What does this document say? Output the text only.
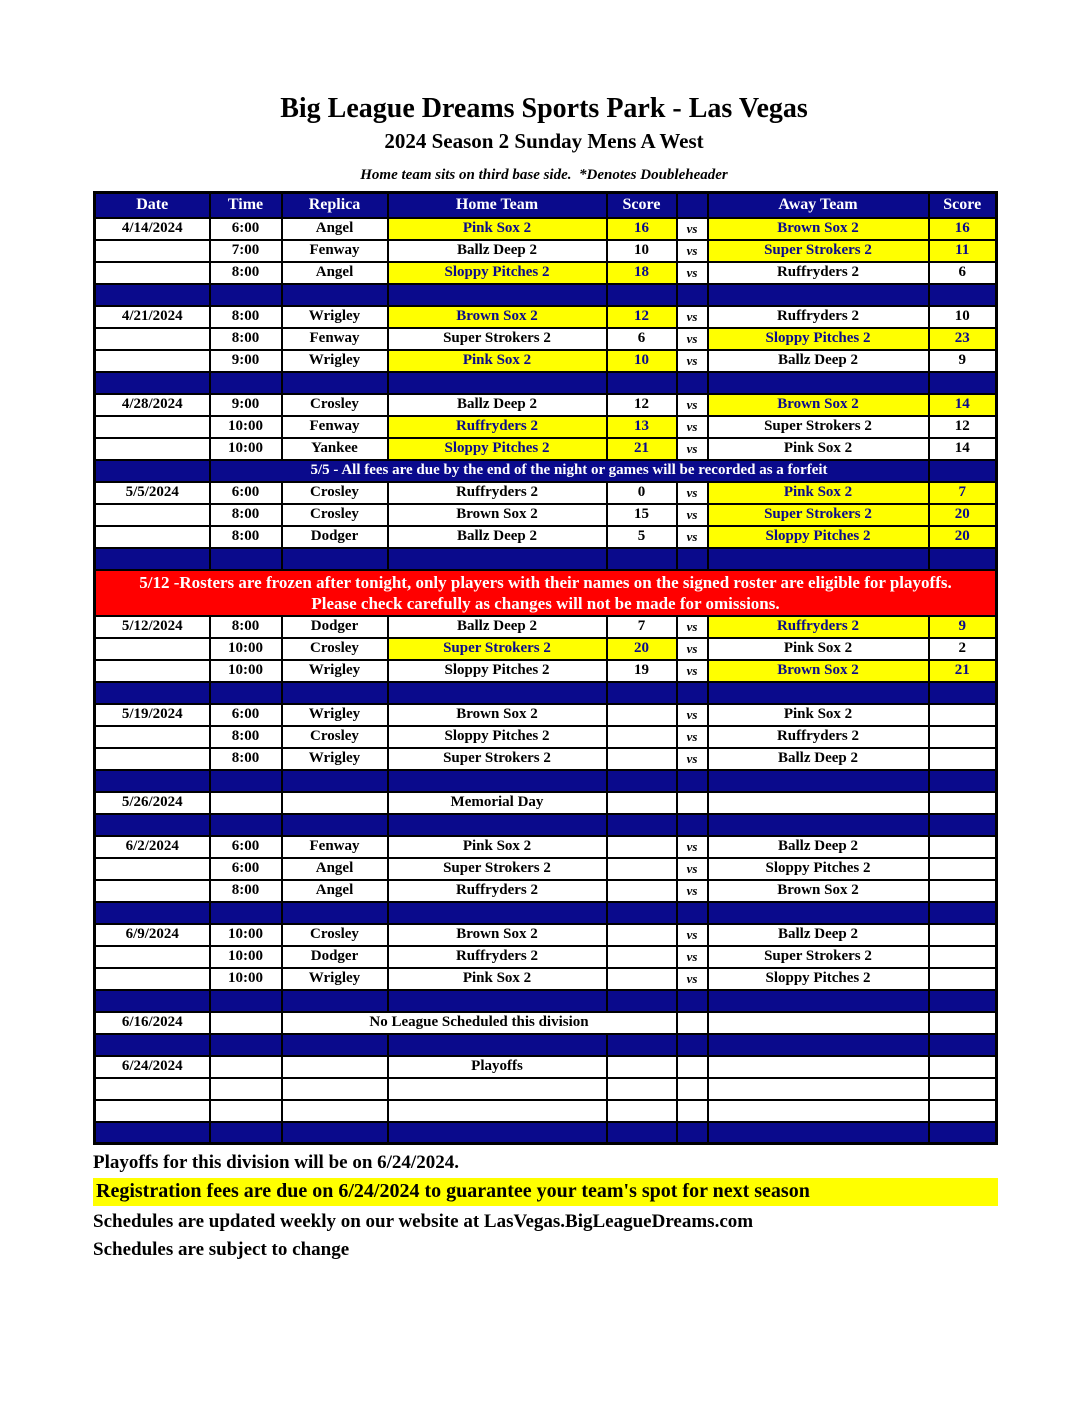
Big League Dreams Sports Park - Las Vegas
2024 Season 2 Sunday Mens A West
Home team sits on third base side.  *Denotes Doubleheader
Date	Time	Replica	Home Team	Score		Away Team	Score
4/14/2024	6:00	Angel	Pink Sox 2	16	vs	Brown Sox 2	16
	7:00	Fenway	Ballz Deep 2	10	vs	Super Strokers 2	11
	8:00	Angel	Sloppy Pitches 2	18	vs	Ruffryders 2	6

4/21/2024	8:00	Wrigley	Brown Sox 2	12	vs	Ruffryders 2	10
	8:00	Fenway	Super Strokers 2	6	vs	Sloppy Pitches 2	23
	9:00	Wrigley	Pink Sox 2	10	vs	Ballz Deep 2	9

4/28/2024	9:00	Crosley	Ballz Deep 2	12	vs	Brown Sox 2	14
	10:00	Fenway	Ruffryders 2	13	vs	Super Strokers 2	12
	10:00	Yankee	Sloppy Pitches 2	21	vs	Pink Sox 2	14
	5/5 - All fees are due by the end of the night or games will be recorded as a forfeit						
5/5/2024	6:00	Crosley	Ruffryders 2	0	vs	Pink Sox 2	7
	8:00	Crosley	Brown Sox 2	15	vs	Super Strokers 2	20
	8:00	Dodger	Ballz Deep 2	5	vs	Sloppy Pitches 2	20

5/12 -Rosters are frozen after tonight, only players with their names on the signed roster are eligible for playoffs.
Please check carefully as changes will not be made for omissions.							

5/12/2024	8:00	Dodger	Ballz Deep 2	7	vs	Ruffryders 2	9
	10:00	Crosley	Super Strokers 2	20	vs	Pink Sox 2	2
	10:00	Wrigley	Sloppy Pitches 2	19	vs	Brown Sox 2	21

5/19/2024	6:00	Wrigley	Brown Sox 2		vs	Pink Sox 2	
	8:00	Crosley	Sloppy Pitches 2		vs	Ruffryders 2	
	8:00	Wrigley	Super Strokers 2		vs	Ballz Deep 2	

5/26/2024			Memorial Day				

6/2/2024	6:00	Fenway	Pink Sox 2		vs	Ballz Deep 2	
	6:00	Angel	Super Strokers 2		vs	Sloppy Pitches 2	
	8:00	Angel	Ruffryders 2		vs	Brown Sox 2	

6/9/2024	10:00	Crosley	Brown Sox 2		vs	Ballz Deep 2	
	10:00	Dodger	Ruffryders 2		vs	Super Strokers 2	
	10:00	Wrigley	Pink Sox 2		vs	Sloppy Pitches 2	

6/16/2024		No League Scheduled this division					

6/24/2024			Playoffs				

Playoffs for this division will be on 6/24/2024.
Registration fees are due on 6/24/2024 to guarantee your team's spot for next season
Schedules are updated weekly on our website at LasVegas.BigLeagueDreams.com
Schedules are subject to change
